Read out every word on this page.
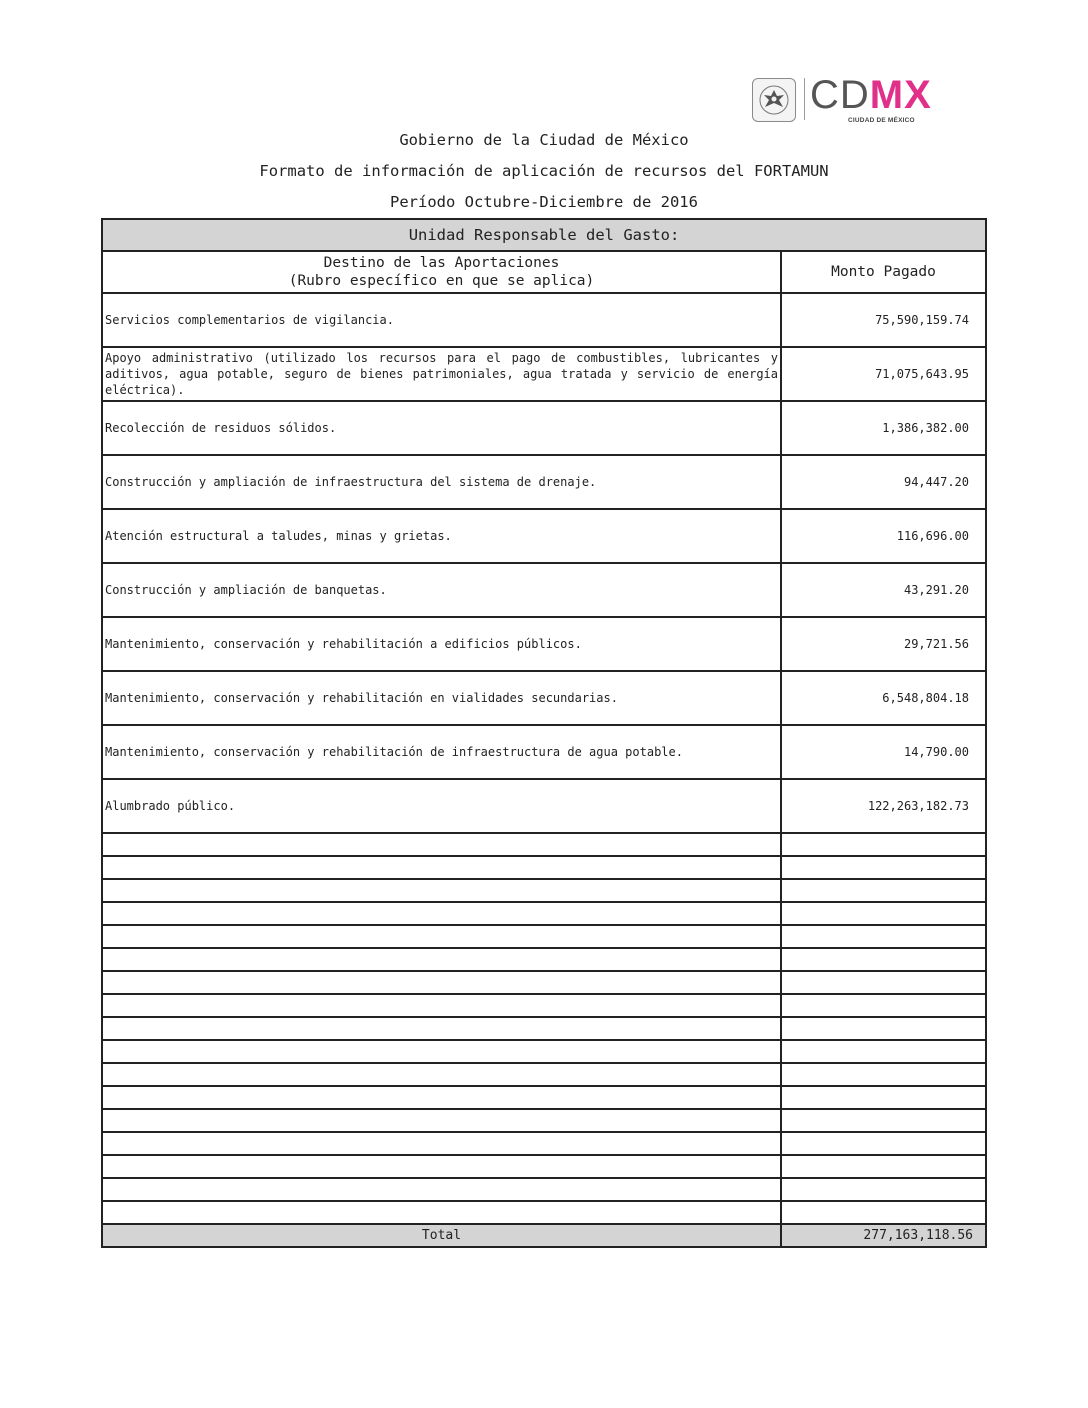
CDMX
CIUDAD DE MÉXICO
Gobierno de la Ciudad de México
Formato de información de aplicación de recursos del FORTAMUN
Período Octubre-Diciembre de 2016
Unidad Responsable del Gasto:	

Destino de las Aportaciones
(Rubro específico en que se aplica)	Monto Pagado
Servicios complementarios de vigilancia.	75,590,159.74
Apoyo administrativo (utilizado los recursos para el pago de combustibles, lubricantes y aditivos, agua potable, seguro de bienes patrimoniales, agua tratada y servicio de energía eléctrica).	71,075,643.95
Recolección de residuos sólidos.	1,386,382.00
Construcción y ampliación de infraestructura del sistema de drenaje.	94,447.20
Atención estructural a taludes, minas y grietas.	116,696.00
Construcción y ampliación de banquetas.	43,291.20
Mantenimiento, conservación y rehabilitación a edificios públicos.	29,721.56
Mantenimiento, conservación y rehabilitación en vialidades secundarias.	6,548,804.18
Mantenimiento, conservación y rehabilitación de infraestructura de agua potable.	14,790.00
Alumbrado público.	122,263,182.73

Total	277,163,118.56
